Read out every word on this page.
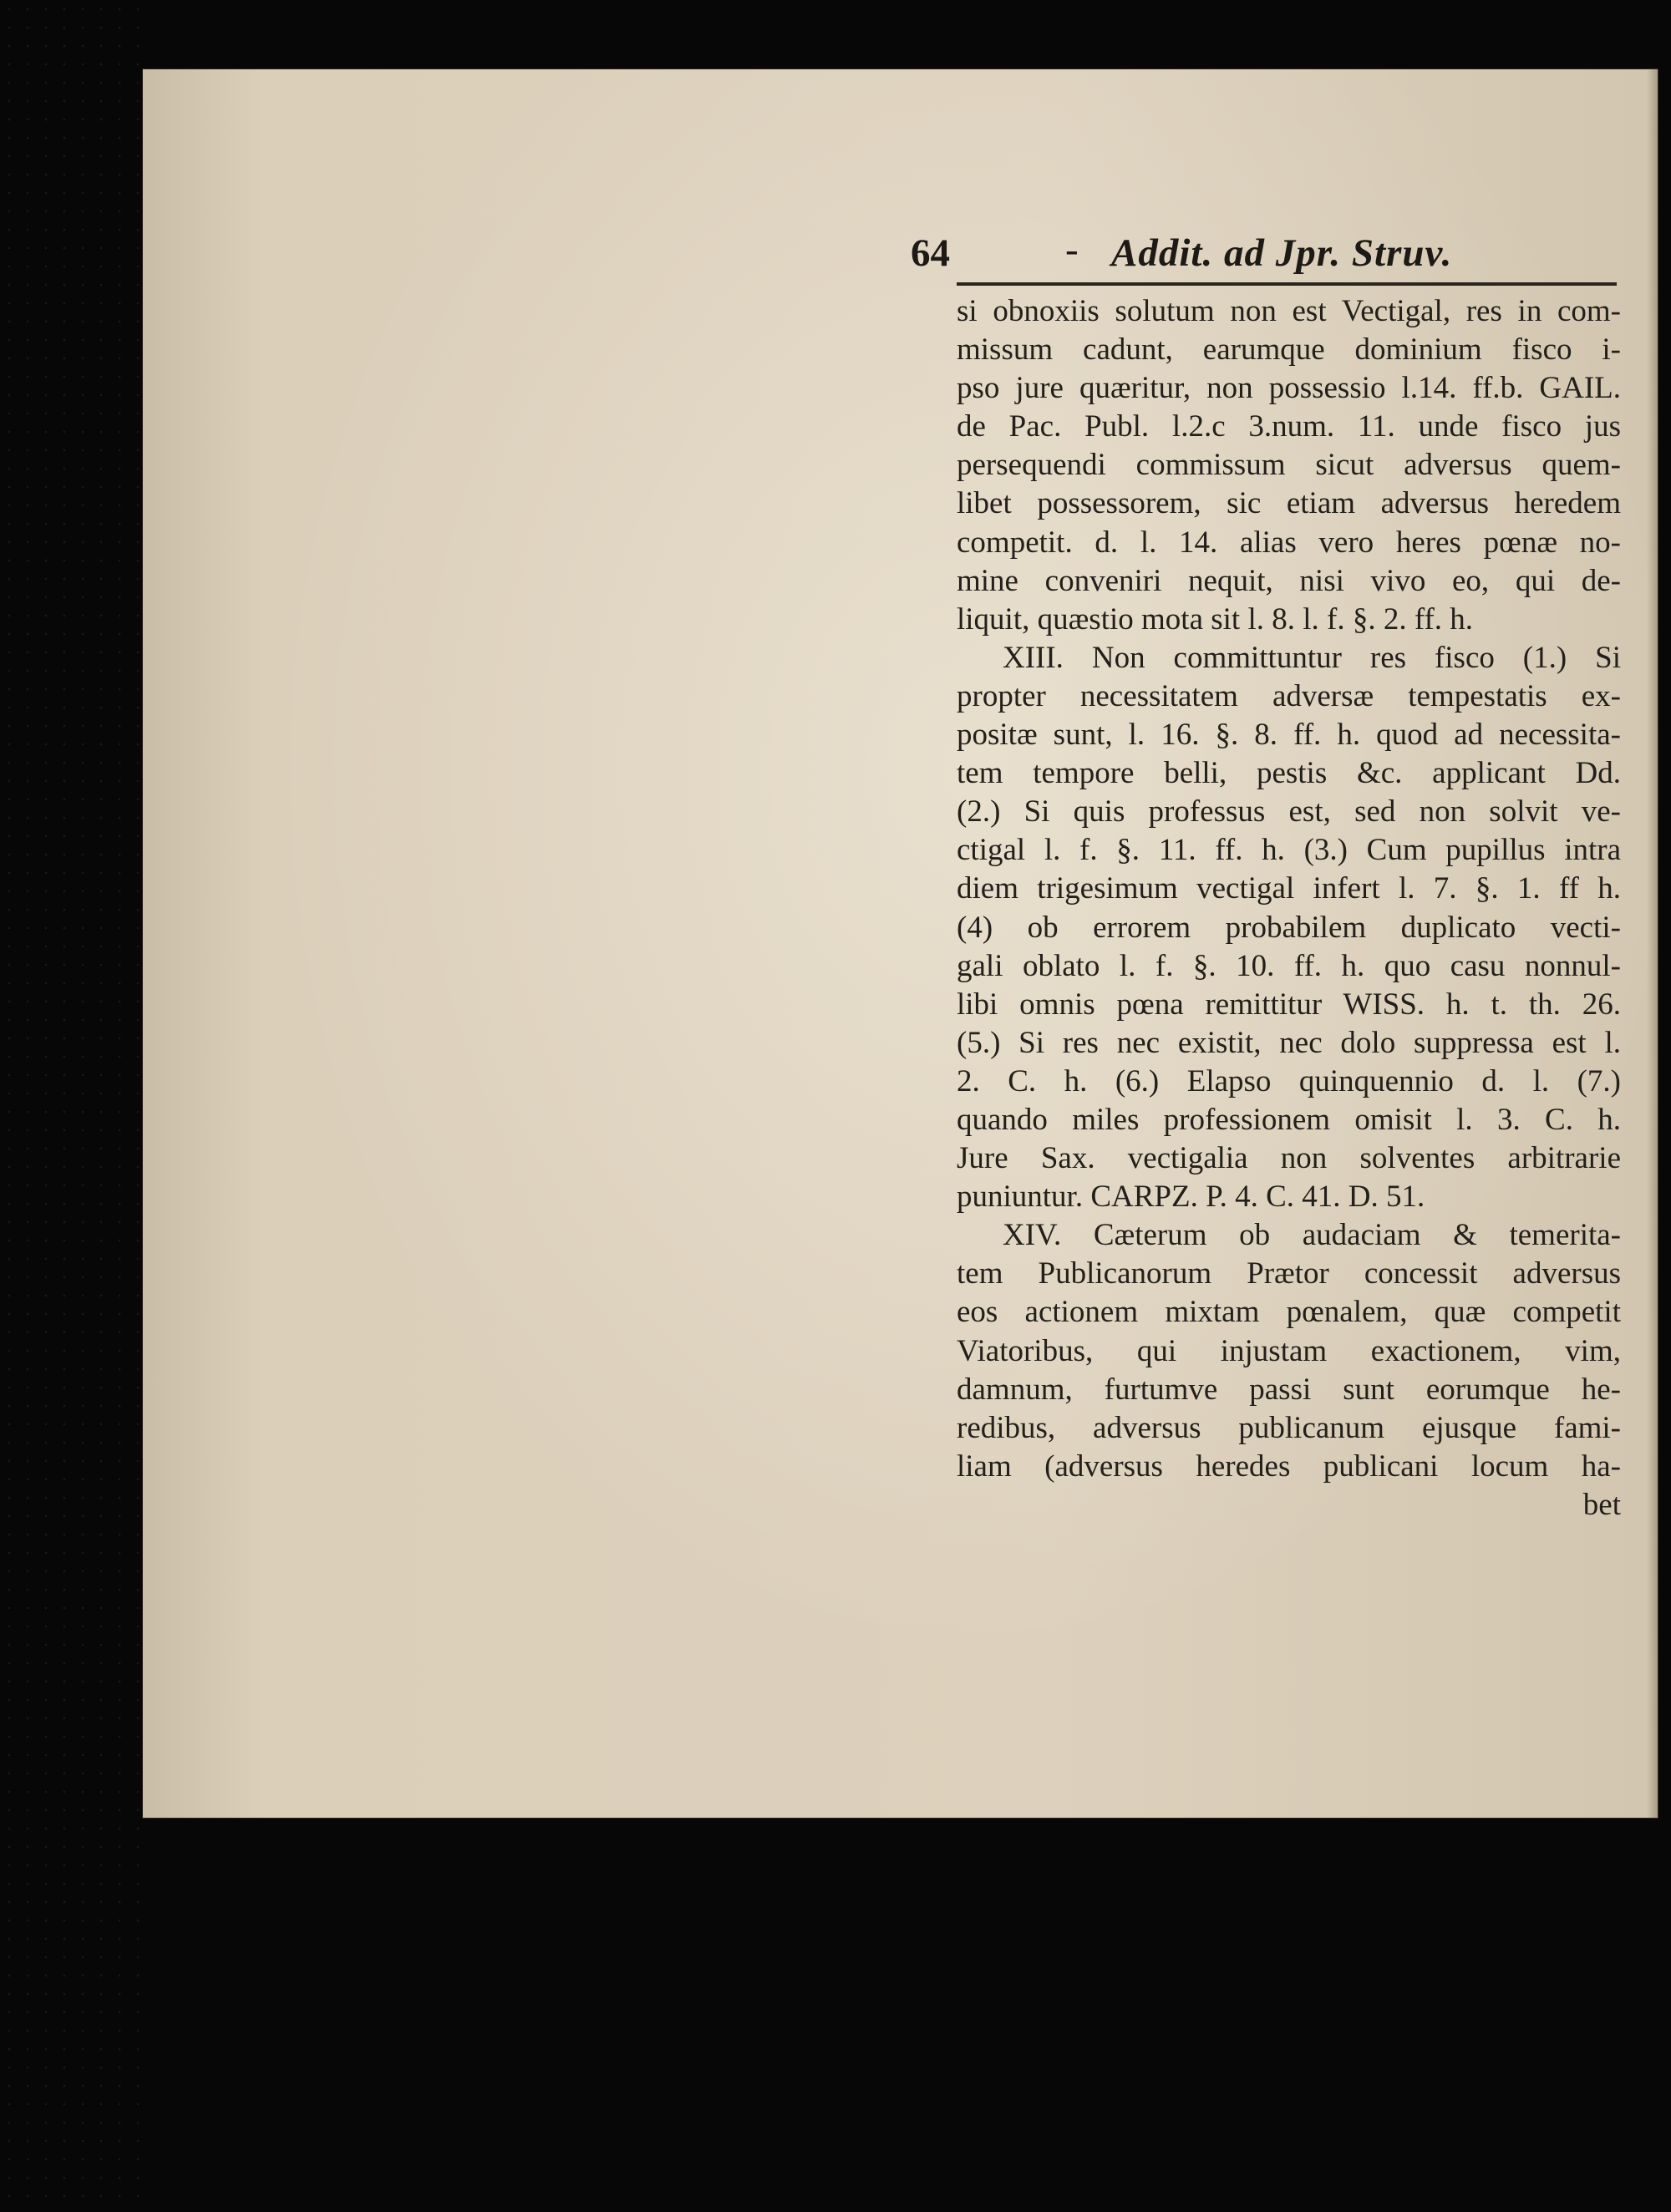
64	- Addit. ad Jpr. Struv.
si obnoxiis solutum non est Vectigal, res in com-
missum cadunt, earumque dominium fisco i-
pso jure quæritur, non possessio l.14. ff.b. GAIL.
de Pac. Publ. l.2.c 3.num. 11. unde fisco jus
persequendi commissum sicut adversus quem-
libet possessorem, sic etiam adversus heredem
competit. d. l. 14. alias vero heres pœnæ no-
mine conveniri nequit, nisi vivo eo, qui de-
liquit, quæstio mota sit l. 8. l. f. §. 2. ff. h.
XIII. Non committuntur res fisco (1.) Si
propter necessitatem adversæ tempestatis ex-
positæ sunt, l. 16. §. 8. ff. h. quod ad necessita-
tem tempore belli, pestis &c. applicant Dd.
(2.) Si quis professus est, sed non solvit ve-
ctigal l. f. §. 11. ff. h. (3.) Cum pupillus intra
diem trigesimum vectigal infert l. 7. §. 1. ff h.
(4) ob errorem probabilem duplicato vecti-
gali oblato l. f. §. 10. ff. h. quo casu nonnul-
libi omnis pœna remittitur WISS. h. t. th. 26.
(5.) Si res nec existit, nec dolo suppressa est l.
2. C. h. (6.) Elapso quinquennio d. l. (7.)
quando miles professionem omisit l. 3. C. h.
Jure Sax. vectigalia non solventes arbitrarie
puniuntur. CARPZ. P. 4. C. 41. D. 51.
XIV. Cæterum ob audaciam & temerita-
tem Publicanorum Prætor concessit adversus
eos actionem mixtam pœnalem, quæ competit
Viatoribus, qui injustam exactionem, vim,
damnum, furtumve passi sunt eorumque he-
redibus, adversus publicanum ejusque fami-
liam (adversus heredes publicani locum ha-
bet
